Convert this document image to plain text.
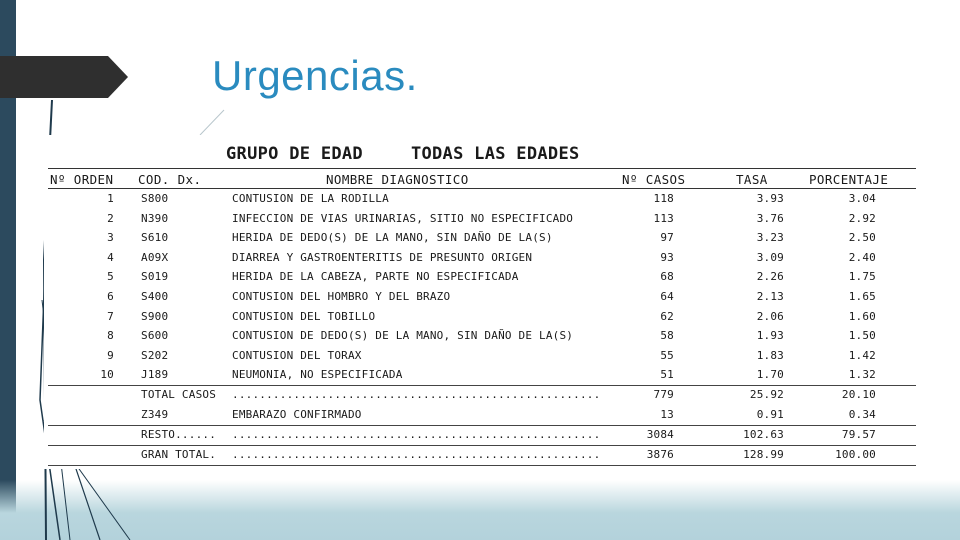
Urgencias.
GRUPO DE EDAD	TODAS LAS EDADES
Nº ORDEN COD. Dx.	NOMBRE DIAGNOSTICO	Nº CASOS	TASA	PORCENTAJE
1 S800	CONTUSION DE LA RODILLA	118	3.93	3.04
2 N390	INFECCION DE VIAS URINARIAS, SITIO NO ESPECIFICADO	113	3.76	2.92
3 S610	HERIDA DE DEDO(S) DE LA MANO, SIN DAÑO DE LA(S)	97	3.23	2.50
4 A09X	DIARREA Y GASTROENTERITIS DE PRESUNTO ORIGEN	93	3.09	2.40
5 S019	HERIDA DE LA CABEZA, PARTE NO ESPECIFICADA	68	2.26	1.75
6 S400	CONTUSION DEL HOMBRO Y DEL BRAZO	64	2.13	1.65
7 S900	CONTUSION DEL TOBILLO	62	2.06	1.60
8 S600	CONTUSION DE DEDO(S) DE LA MANO, SIN DAÑO DE LA(S)	58	1.93	1.50
9 S202	CONTUSION DEL TORAX	55	1.83	1.42
10 J189	NEUMONIA, NO ESPECIFICADA	51	1.70	1.32
TOTAL CASOS ......................................................	779	25.92	20.10
Z349	EMBARAZO CONFIRMADO	13	0.91	0.34
RESTO...... ......................................................	3084	102.63	79.57
GRAN TOTAL. ......................................................	3876	128.99	100.00
